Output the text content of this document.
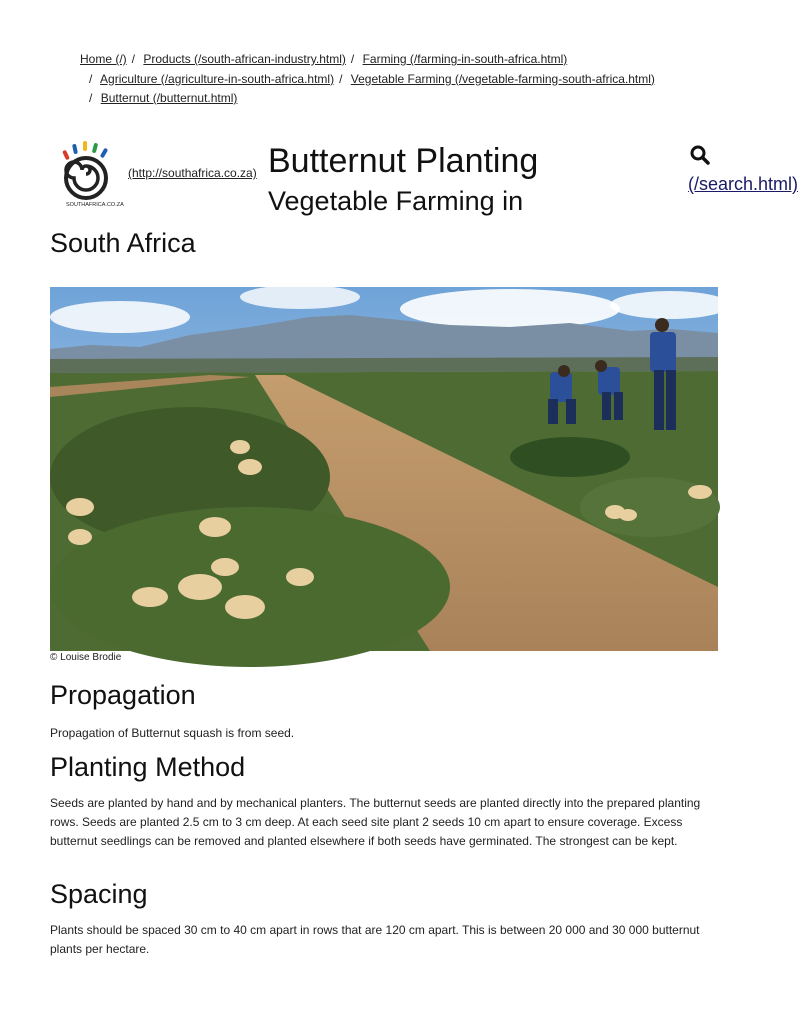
Home (/) / Products (/south-african-industry.html) / Farming (/farming-in-south-africa.html)
/ Agriculture (/agriculture-in-south-africa.html) / Vegetable Farming (/vegetable-farming-south-africa.html)
/ Butternut (/butternut.html)
SOUTHAFRICA.CO.ZA
(http://southafrica.co.za) Butternut Planting
Vegetable Farming in
South Africa
(/search.html)
© Louise Brodie
Propagation

Propagation of Butternut squash is from seed.

Planting Method

Seeds are planted by hand and by mechanical planters. The butternut seeds are planted directly into the prepared planting rows. Seeds are planted 2.5 cm to 3 cm deep. At each seed site plant 2 seeds 10 cm apart to ensure coverage. Excess butternut seedlings can be removed and planted elsewhere if both seeds have germinated. The strongest can be kept.

Spacing

Plants should be spaced 30 cm to 40 cm apart in rows that are 120 cm apart. This is between 20 000 and 30 000 butternut plants per hectare.
